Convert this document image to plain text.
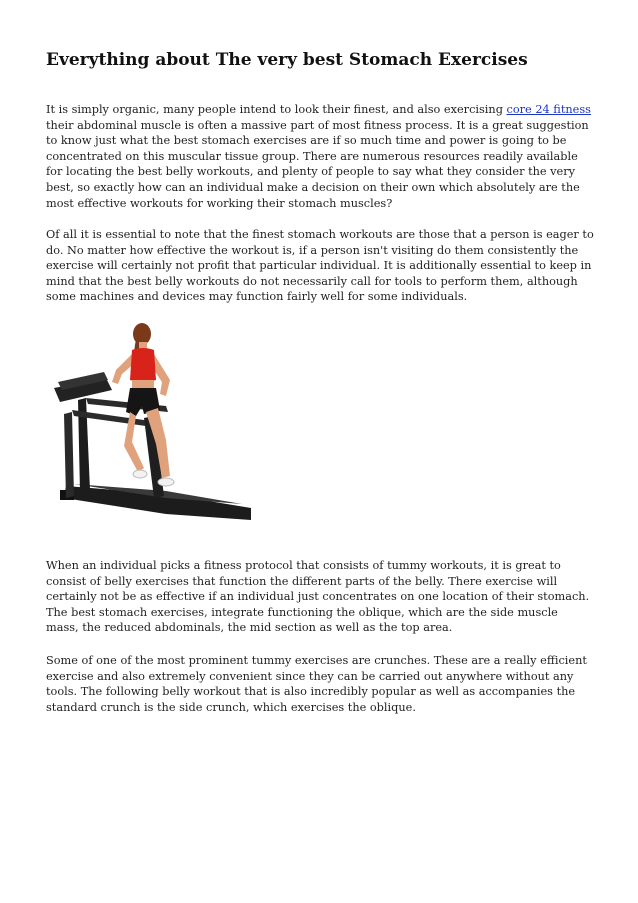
Everything about The very best Stomach Exercises

It is simply organic, many people intend to look their finest, and also exercising core 24 fitness their abdominal muscle is often a massive part of most fitness process. It is a great suggestion to know just what the best stomach exercises are if so much time and power is going to be concentrated on this muscular tissue group. There are numerous resources readily available for locating the best belly workouts, and plenty of people to say what they consider the very best, so exactly how can an individual make a decision on their own which absolutely are the most effective workouts for working their stomach muscles?

Of all it is essential to note that the finest stomach workouts are those that a person is eager to do. No matter how effective the workout is, if a person isn't visiting do them consistently the exercise will certainly not profit that particular individual. It is additionally essential to keep in mind that the best belly workouts do not necessarily call for tools to perform them, although some machines and devices may function fairly well for some individuals.

When an individual picks a fitness protocol that consists of tummy workouts, it is great to consist of belly exercises that function the different parts of the belly. There exercise will certainly not be as effective if an individual just concentrates on one location of their stomach. The best stomach exercises, integrate functioning the oblique, which are the side muscle mass, the reduced abdominals, the mid section as well as the top area.

Some of one of the most prominent tummy exercises are crunches. These are a really efficient exercise and also extremely convenient since they can be carried out anywhere without any tools. The following belly workout that is also incredibly popular as well as accompanies the standard crunch is the side crunch, which exercises the oblique.
